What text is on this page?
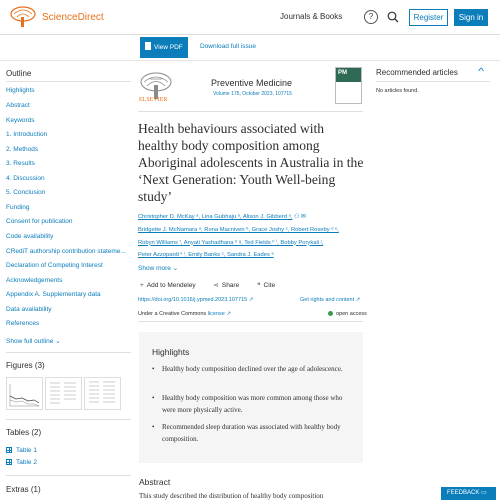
ScienceDirect	Journals & Books	?	Register	Sign in
View PDF	Download full issue
Outline
Highlights
Abstract
Keywords
1. Introduction
2. Methods
3. Results
4. Discussion
5. Conclusion
Funding
Consent for publication
Code availability
CRediT authorship contribution stateme...
Declaration of Competing Interest
Acknowledgements
Appendix A. Supplementary data
Data availability
References
Show full outline ⌄
Figures (3)
Tables (2)
Table 1
Table 2
Extras (1)
ELSEVIER
Preventive Medicine
Volume 175, October 2023, 107715
PM
Health behaviours associated with healthy body composition among Aboriginal adolescents in Australia in the ‘Next Generation: Youth Well-being study’
Christopher D. McKay ᵃ, Lina Gubhaju ᵃ, Alison J. Gibberd ᵃ, ⚇ ✉
Bridgette J. McNamara ᵃ, Rona Macniven ᵇ, Grace Joshy ᶜ, Robert Roseby ᵈ ᵉ,
Robyn Williams ᶠ, Anyati Yashadhana ᵇ ᵍ, Ted Fields ʰ ⁱ, Bobby Porykali ʲ,
Peter Azzopardi ᵏ ˡ, Emily Banks ᶜ, Sandra J. Eades ᵃ
Show more ⌄
+ Add to Mendeley	⋖ Share	❝ Cite
https://doi.org/10.1016/j.ypmed.2023.107715 ↗	Get rights and content ↗
Under a Creative Commons license ↗	open access
Highlights
• Healthy body composition declined over the age of adolescence.
• Healthy body composition was more common among those who were more physically active.
• Recommended sleep duration was associated with healthy body composition.
Abstract
This study described the distribution of healthy body composition
Recommended articles ^
No articles found.
FEEDBACK ▭
